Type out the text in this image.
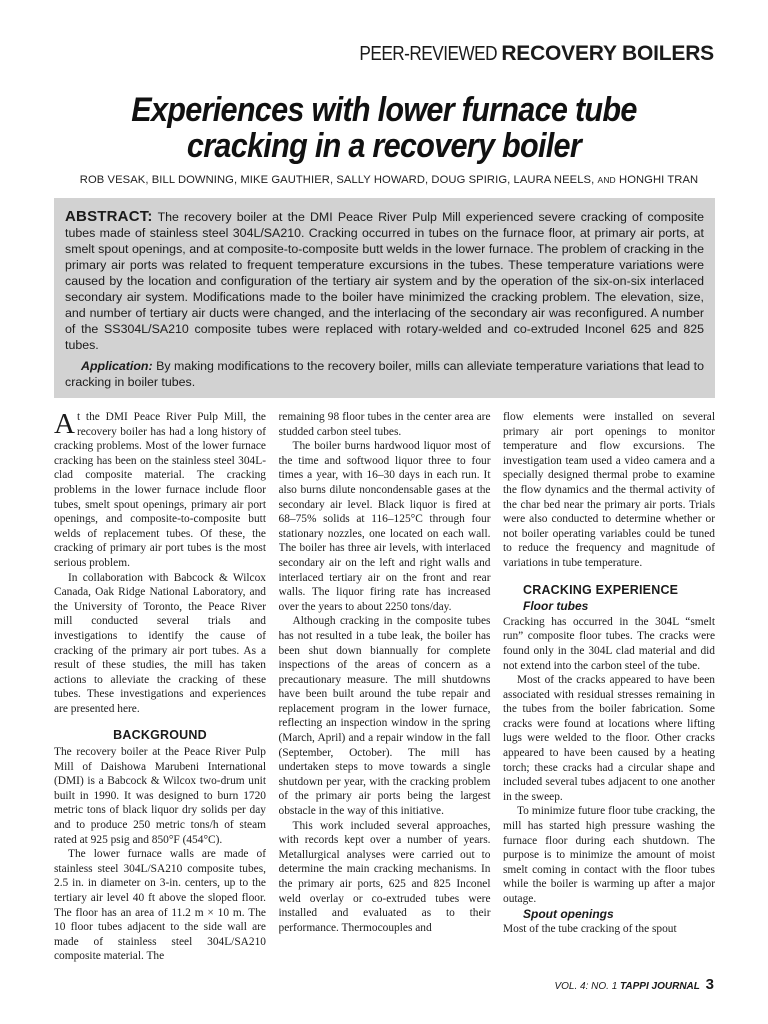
PEER-REVIEWED RECOVERY BOILERS
Experiences with lower furnace tube
cracking in a recovery boiler
ROB VESAK, BILL DOWNING, MIKE GAUTHIER, SALLY HOWARD, DOUG SPIRIG, LAURA NEELS, AND HONGHI TRAN

ABSTRACT: The recovery boiler at the DMI Peace River Pulp Mill experienced severe cracking of composite tubes made of stainless steel 304L/SA210. Cracking occurred in tubes on the furnace floor, at primary air ports, at smelt spout openings, and at composite-to-composite butt welds in the lower furnace. The problem of cracking in the primary air ports was related to frequent temperature excursions in the tubes. These temperature variations were caused by the location and configuration of the tertiary air system and by the operation of the six-on-six interlaced secondary air system. Modifications made to the boiler have minimized the cracking problem. The elevation, size, and number of tertiary air ducts were changed, and the interlacing of the secondary air was reconfigured. A number of the SS304L/SA210 composite tubes were replaced with rotary-welded and co-extruded Inconel 625 and 825 tubes.

Application: By making modifications to the recovery boiler, mills can alleviate temperature variations that lead to cracking in boiler tubes.

At the DMI Peace River Pulp Mill, the recovery boiler has had a long history of cracking problems. Most of the lower furnace cracking has been on the stainless steel 304L-clad composite material. The cracking problems in the lower furnace include floor tubes, smelt spout openings, primary air port openings, and composite-to-composite butt welds of replacement tubes. Of these, the cracking of primary air port tubes is the most serious problem.

In collaboration with Babcock & Wilcox Canada, Oak Ridge National Laboratory, and the University of Toronto, the Peace River mill conducted several trials and investigations to identify the cause of cracking of the primary air port tubes. As a result of these studies, the mill has taken actions to alleviate the cracking of these tubes. These investigations and experiences are presented here.

BACKGROUND

The recovery boiler at the Peace River Pulp Mill of Daishowa Marubeni International (DMI) is a Babcock & Wilcox two-drum unit built in 1990. It was designed to burn 1720 metric tons of black liquor dry solids per day and to produce 250 metric tons/h of steam rated at 925 psig and 850°F (454°C).

The lower furnace walls are made of stainless steel 304L/SA210 composite tubes, 2.5 in. in diameter on 3-in. centers, up to the tertiary air level 40 ft above the sloped floor. The floor has an area of 11.2 m × 10 m. The 10 floor tubes adjacent to the side wall are made of stainless steel 304L/SA210 composite material. The

remaining 98 floor tubes in the center area are studded carbon steel tubes.

The boiler burns hardwood liquor most of the time and softwood liquor three to four times a year, with 16–30 days in each run. It also burns dilute noncondensable gases at the secondary air level. Black liquor is fired at 68–75% solids at 116–125°C through four stationary nozzles, one located on each wall. The boiler has three air levels, with interlaced secondary air on the left and right walls and interlaced tertiary air on the front and rear walls. The liquor firing rate has increased over the years to about 2250 tons/day.

Although cracking in the composite tubes has not resulted in a tube leak, the boiler has been shut down biannually for complete inspections of the areas of concern as a precautionary measure. The mill shutdowns have been built around the tube repair and replacement program in the lower furnace, reflecting an inspection window in the spring (March, April) and a repair window in the fall (September, October). The mill has undertaken steps to move towards a single shutdown per year, with the cracking problem of the primary air ports being the largest obstacle in the way of this initiative.

This work included several approaches, with records kept over a number of years. Metallurgical analyses were carried out to determine the main cracking mechanisms. In the primary air ports, 625 and 825 Inconel weld overlay or co-extruded tubes were installed and evaluated as to their performance. Thermocouples and

flow elements were installed on several primary air port openings to monitor temperature and flow excursions. The investigation team used a video camera and a specially designed thermal probe to examine the flow dynamics and the thermal activity of the char bed near the primary air ports. Trials were also conducted to determine whether or not boiler operating variables could be tuned to reduce the frequency and magnitude of variations in tube temperature.

CRACKING EXPERIENCE
Floor tubes

Cracking has occurred in the 304L “smelt run” composite floor tubes. The cracks were found only in the 304L clad material and did not extend into the carbon steel of the tube.

Most of the cracks appeared to have been associated with residual stresses remaining in the tubes from the boiler fabrication. Some cracks were found at locations where lifting lugs were welded to the floor. Other cracks appeared to have been caused by a heating torch; these cracks had a circular shape and included several tubes adjacent to one another in the sweep.

To minimize future floor tube cracking, the mill has started high pressure washing the furnace floor during each shutdown. The purpose is to minimize the amount of moist smelt coming in contact with the floor tubes while the boiler is warming up after a major outage.

Spout openings

Most of the tube cracking of the spout

VOL. 4: NO. 1 TAPPI JOURNAL 3
